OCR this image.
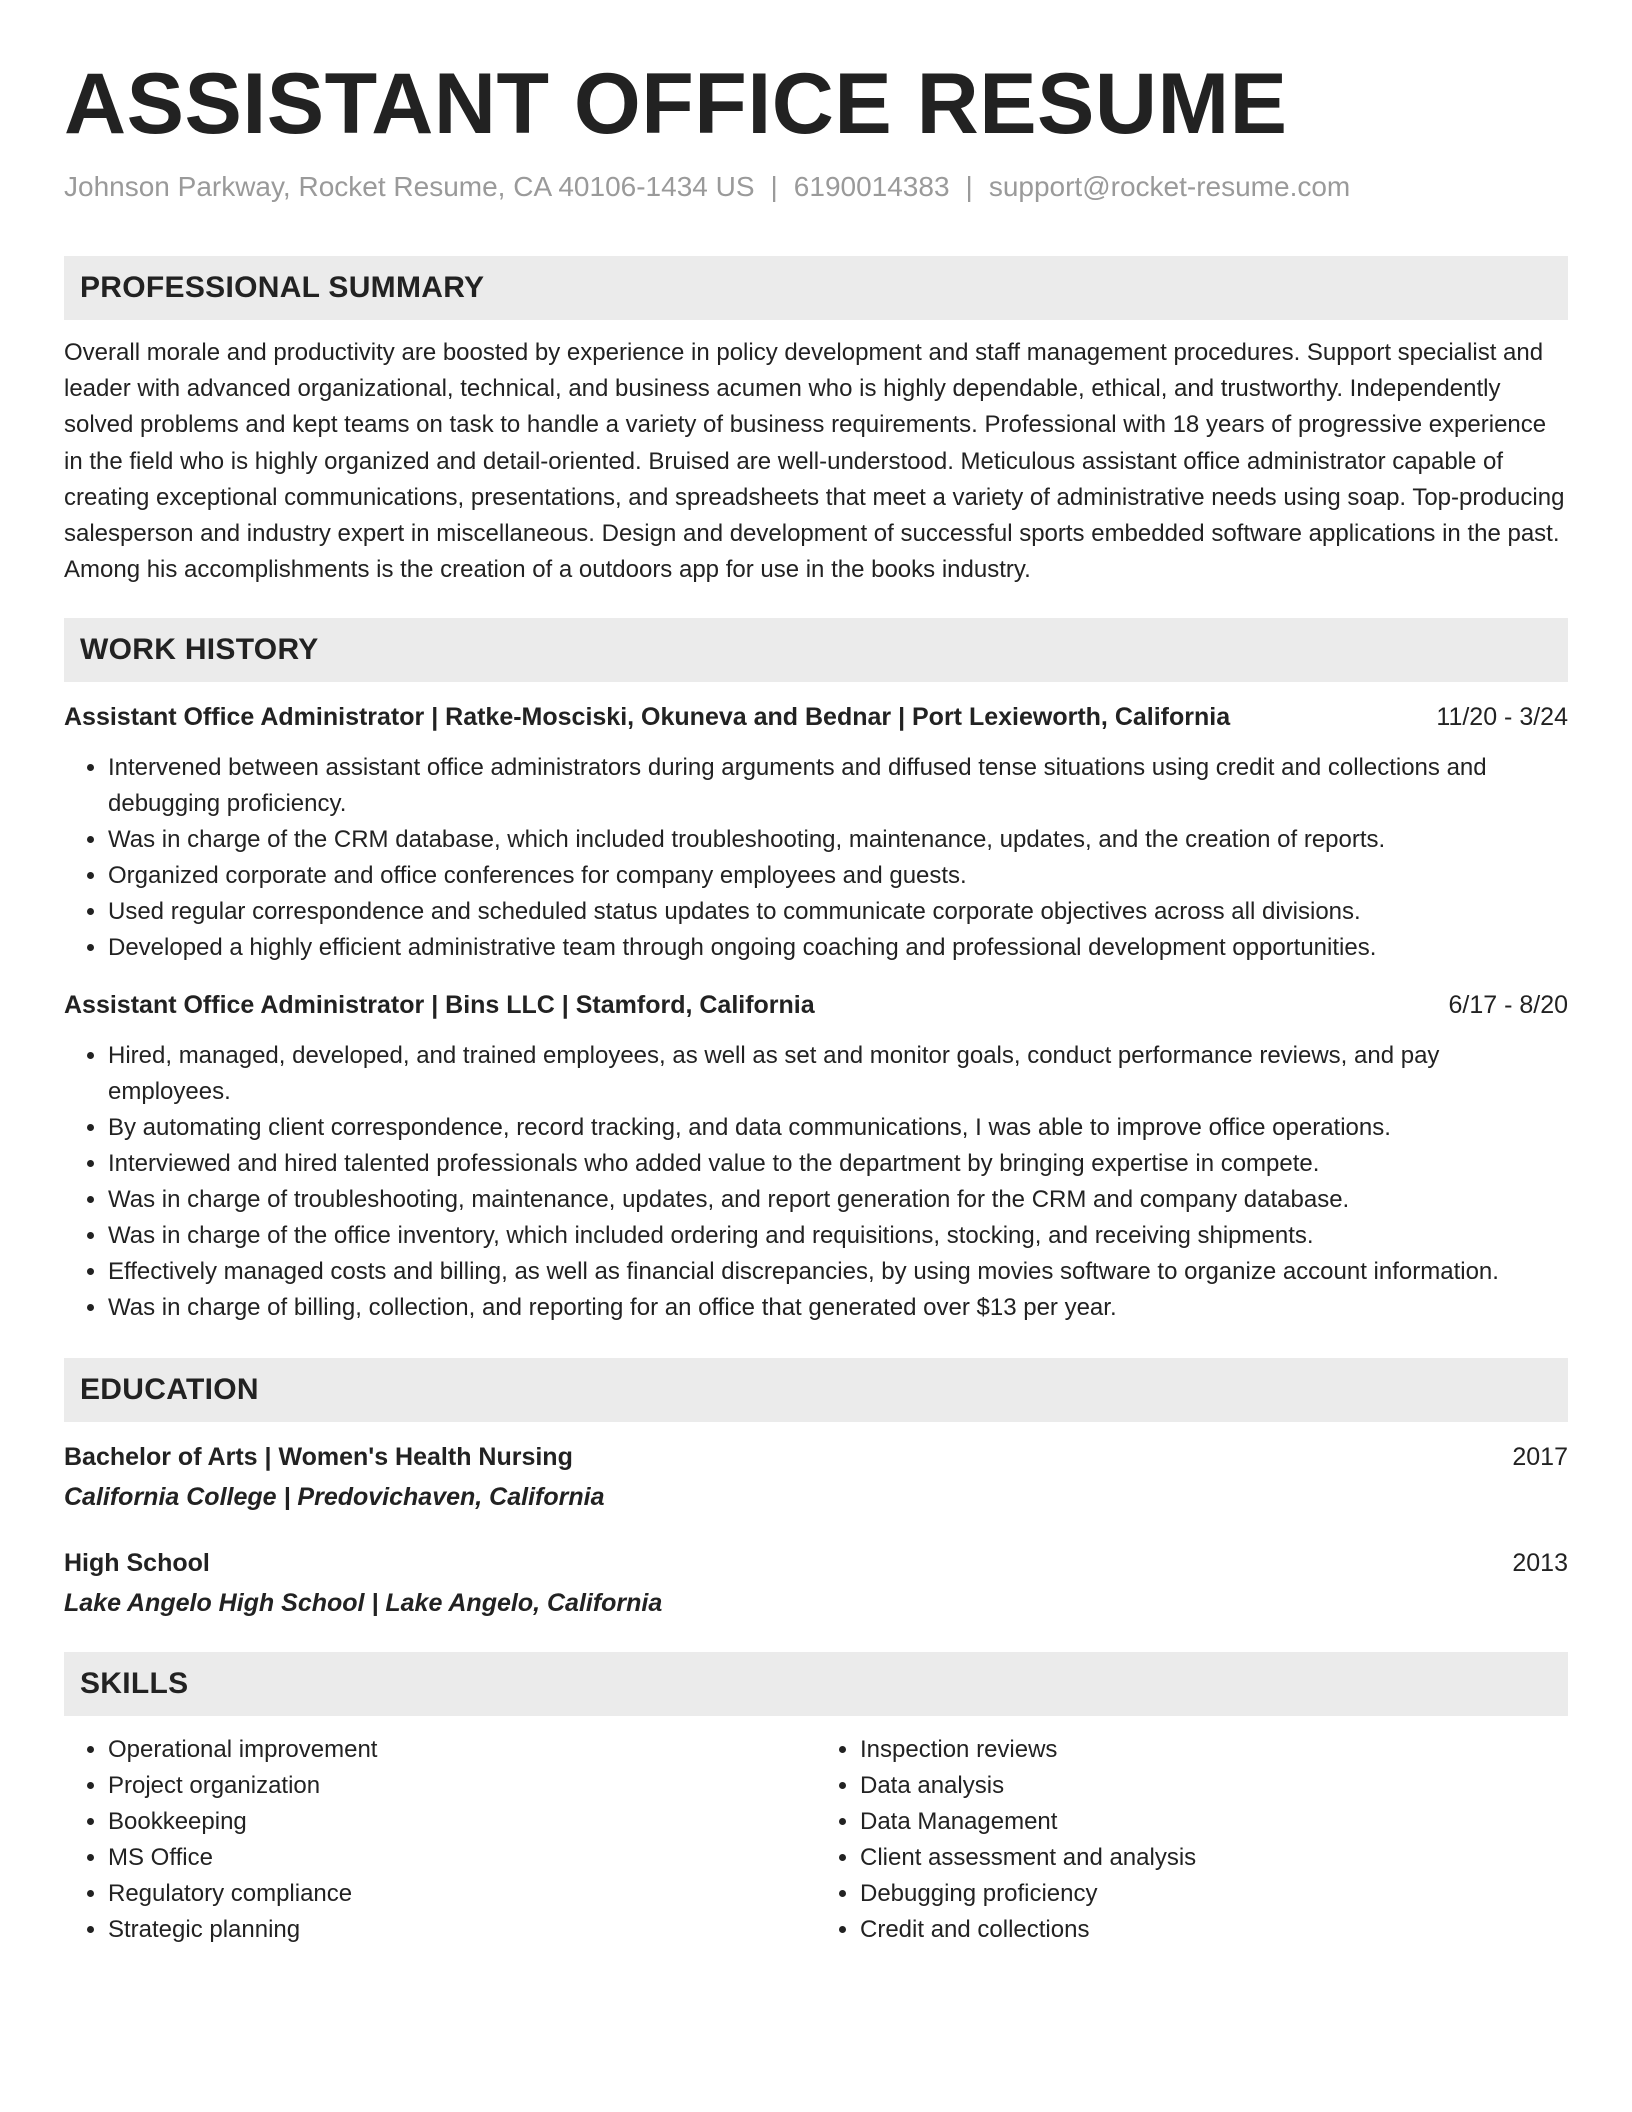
ASSISTANT OFFICE RESUME
Johnson Parkway, Rocket Resume, CA 40106-1434 US | 6190014383 | support@rocket-resume.com
PROFESSIONAL SUMMARY

Overall morale and productivity are boosted by experience in policy development and staff management procedures. Support specialist and leader with advanced organizational, technical, and business acumen who is highly dependable, ethical, and trustworthy. Independently solved problems and kept teams on task to handle a variety of business requirements. Professional with 18 years of progressive experience in the field who is highly organized and detail-oriented. Bruised are well-understood. Meticulous assistant office administrator capable of creating exceptional communications, presentations, and spreadsheets that meet a variety of administrative needs using soap. Top-producing salesperson and industry expert in miscellaneous. Design and development of successful sports embedded software applications in the past. Among his accomplishments is the creation of a outdoors app for use in the books industry.

WORK HISTORY
Assistant Office Administrator | Ratke-Mosciski, Okuneva and Bednar | Port Lexieworth, California	11/20 - 3/24
• Intervened between assistant office administrators during arguments and diffused tense situations using credit and collections and debugging proficiency.
• Was in charge of the CRM database, which included troubleshooting, maintenance, updates, and the creation of reports.
• Organized corporate and office conferences for company employees and guests.
• Used regular correspondence and scheduled status updates to communicate corporate objectives across all divisions.
• Developed a highly efficient administrative team through ongoing coaching and professional development opportunities.
Assistant Office Administrator | Bins LLC | Stamford, California	6/17 - 8/20
• Hired, managed, developed, and trained employees, as well as set and monitor goals, conduct performance reviews, and pay employees.
• By automating client correspondence, record tracking, and data communications, I was able to improve office operations.
• Interviewed and hired talented professionals who added value to the department by bringing expertise in compete.
• Was in charge of troubleshooting, maintenance, updates, and report generation for the CRM and company database.
• Was in charge of the office inventory, which included ordering and requisitions, stocking, and receiving shipments.
• Effectively managed costs and billing, as well as financial discrepancies, by using movies software to organize account information.
• Was in charge of billing, collection, and reporting for an office that generated over $13 per year.
EDUCATION
Bachelor of Arts | Women's Health Nursing	2017
California College | Predovichaven, California
High School	2013
Lake Angelo High School | Lake Angelo, California
SKILLS
• Operational improvement
• Project organization
• Bookkeeping
• MS Office
• Regulatory compliance
• Strategic planning
• Inspection reviews
• Data analysis
• Data Management
• Client assessment and analysis
• Debugging proficiency
• Credit and collections
